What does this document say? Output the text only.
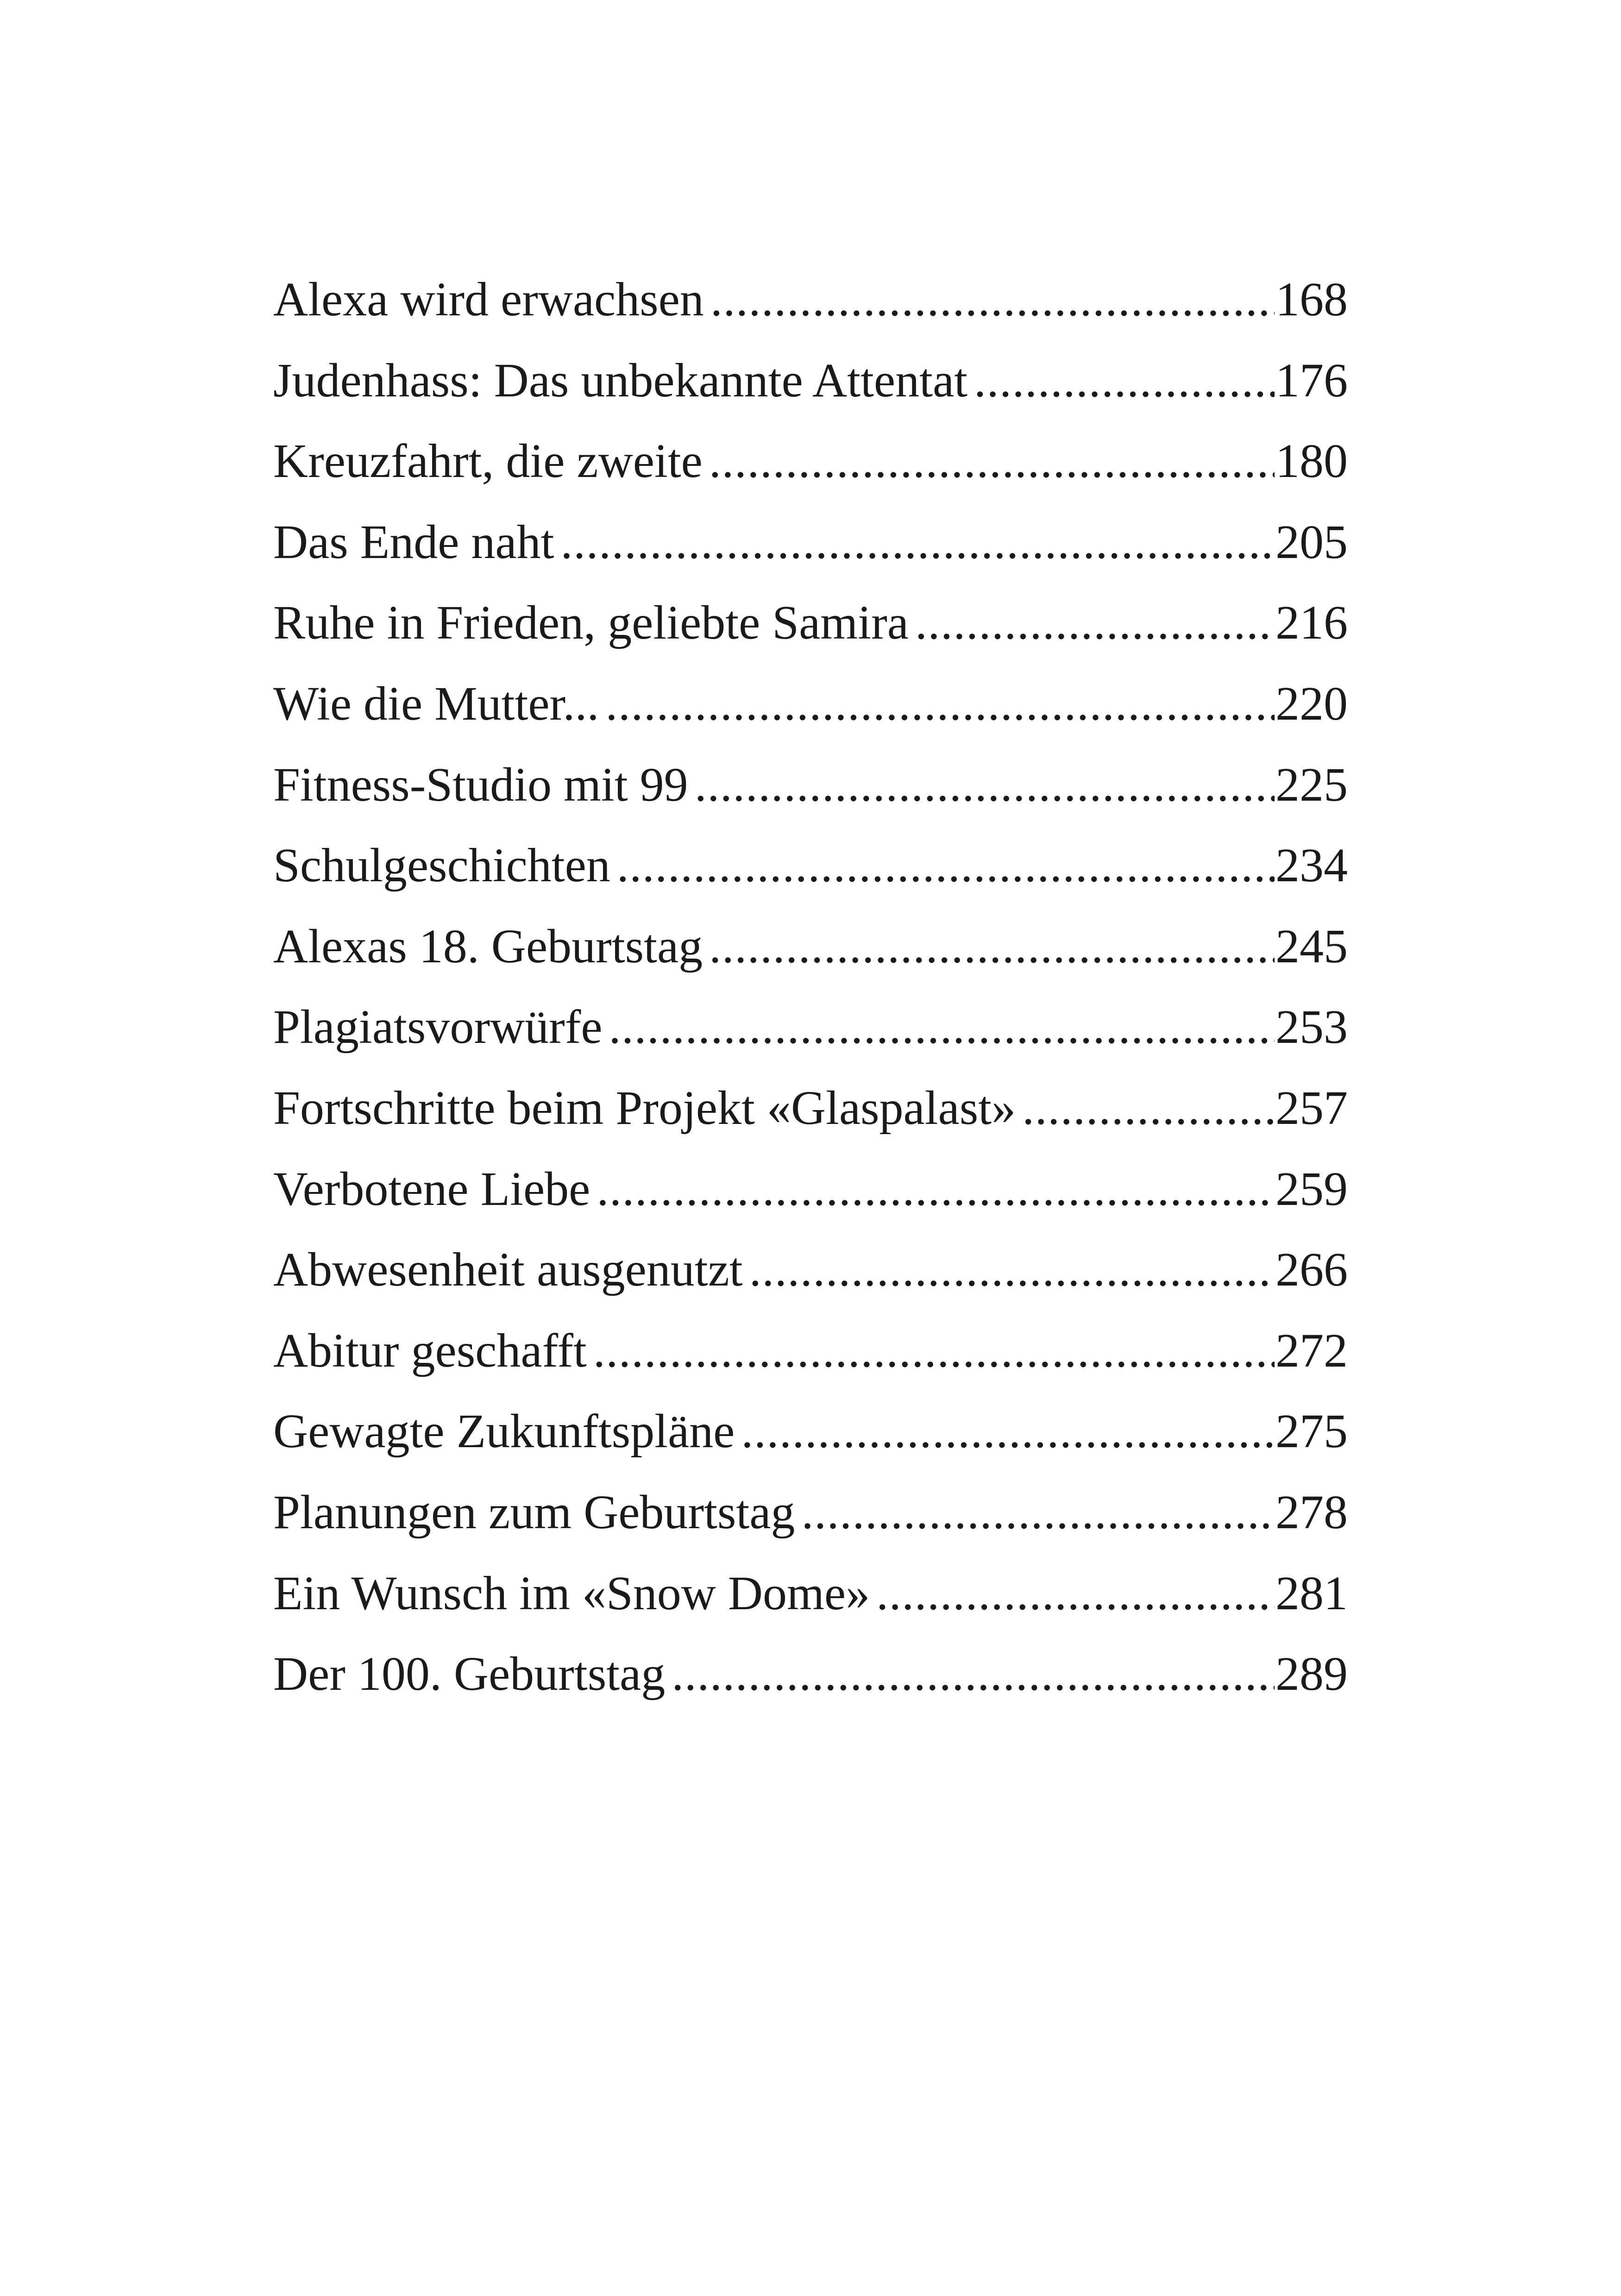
Alexa wird erwachsen .....	168
Judenhass: Das unbekannte Attentat .....	176
Kreuzfahrt, die zweite .....	180
Das Ende naht .....	205
Ruhe in Frieden, geliebte Samira .....	216
Wie die Mutter... .....	220
Fitness-Studio mit 99 .....	225
Schulgeschichten .....	234
Alexas 18. Geburtstag .....	245
Plagiatsvorwürfe .....	253
Fortschritte beim Projekt «Glaspalast» .....	257
Verbotene Liebe .....	259
Abwesenheit ausgenutzt .....	266
Abitur geschafft .....	272
Gewagte Zukunftspläne .....	275
Planungen zum Geburtstag .....	278
Ein Wunsch im «Snow Dome» .....	281
Der 100. Geburtstag .....	289
